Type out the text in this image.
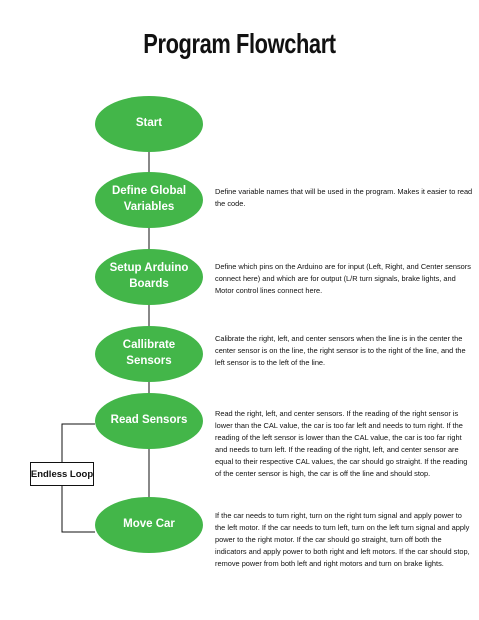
Program Flowchart
Start
Define Global Variables
Setup Arduino Boards
Callibrate Sensors
Read Sensors
Move Car
Endless Loop
Define variable names that will be used in the program. Makes it easier to read the code.
Define which pins on the Arduino are for input (Left, Right, and Center sensors connect here) and which are for output (L/R turn signals, brake lights, and Motor control lines connect here.
Calibrate the right, left, and center sensors when the line is in the center the center sensor is on the line, the right sensor is to the right of the line, and the left sensor is to the left of the line.
Read the right, left, and center sensors. If the reading of the right sensor is lower than the CAL value, the car is too far left and needs to turn right. If the reading of the left sensor is lower than the CAL value, the car is too far right and needs to turn left. If the reading of the right, left, and center sensor are equal to their respective CAL values, the car should go straight. If the reading of the center sensor is high, the car is off the line and should stop.
If the car needs to turn right, turn on the right turn signal and apply power to the left motor. If the car needs to turn left, turn on the left turn signal and apply power to the right motor. If the car should go straight, turn off both the indicators and apply power to both right and left motors. If the car should stop, remove power from both left and right motors and turn on brake lights.
